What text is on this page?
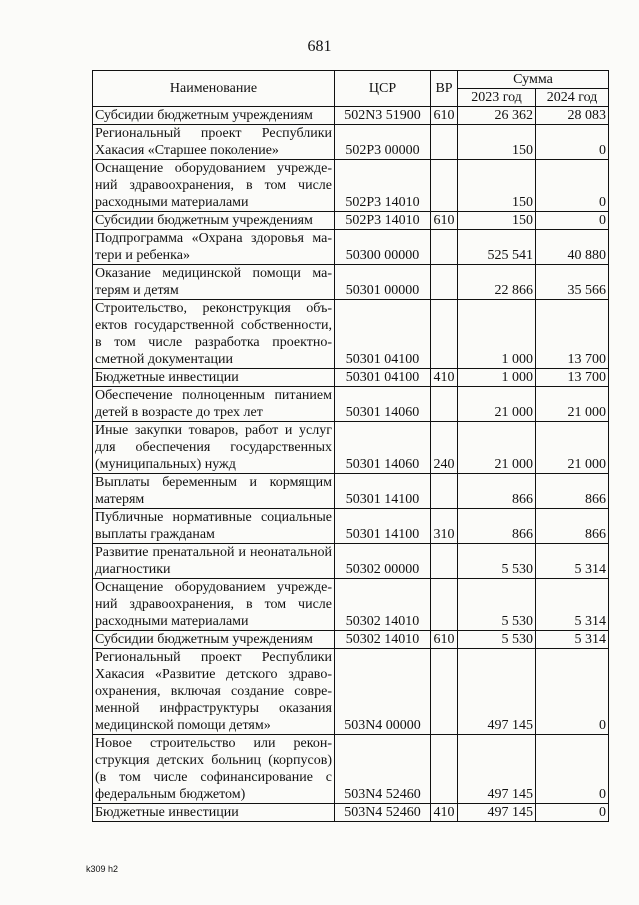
681
Наименование	ЦСР	ВР	Сумма	
			2023 год	2024 год
Субсидии бюджетным учреждениям	502N3 51900	610	26 362	28 083
Региональный проект Республики Хакасия «Старшее поколение»	502P3 00000		150	0
Оснащение оборудованием учреждений здравоохранения, в том числе расходными материалами	502P3 14010		150	0
Субсидии бюджетным учреждениям	502P3 14010	610	150	0
Подпрограмма «Охрана здоровья матери и ребенка»	50300 00000		525 541	40 880
Оказание медицинской помощи матерям и детям	50301 00000		22 866	35 566
Строительство, реконструкция объектов государственной собственности, в том числе разработка проектно-сметной документации	50301 04100		1 000	13 700
Бюджетные инвестиции	50301 04100	410	1 000	13 700
Обеспечение полноценным питанием детей в возрасте до трех лет	50301 14060		21 000	21 000
Иные закупки товаров, работ и услуг для обеспечения государственных (муниципальных) нужд	50301 14060	240	21 000	21 000
Выплаты беременным и кормящим матерям	50301 14100		866	866
Публичные нормативные социальные выплаты гражданам	50301 14100	310	866	866
Развитие пренатальной и неонатальной диагностики	50302 00000		5 530	5 314
Оснащение оборудованием учреждений здравоохранения, в том числе расходными материалами	50302 14010		5 530	5 314
Субсидии бюджетным учреждениям	50302 14010	610	5 530	5 314
Региональный проект Республики Хакасия «Развитие детского здравоохранения, включая создание современной инфраструктуры оказания медицинской помощи детям»	503N4 00000		497 145	0
Новое строительство или реконструкция детских больниц (корпусов) (в том числе софинансирование с федеральным бюджетом)	503N4 52460		497 145	0
Бюджетные инвестиции	503N4 52460	410	497 145	0
k309 h2
